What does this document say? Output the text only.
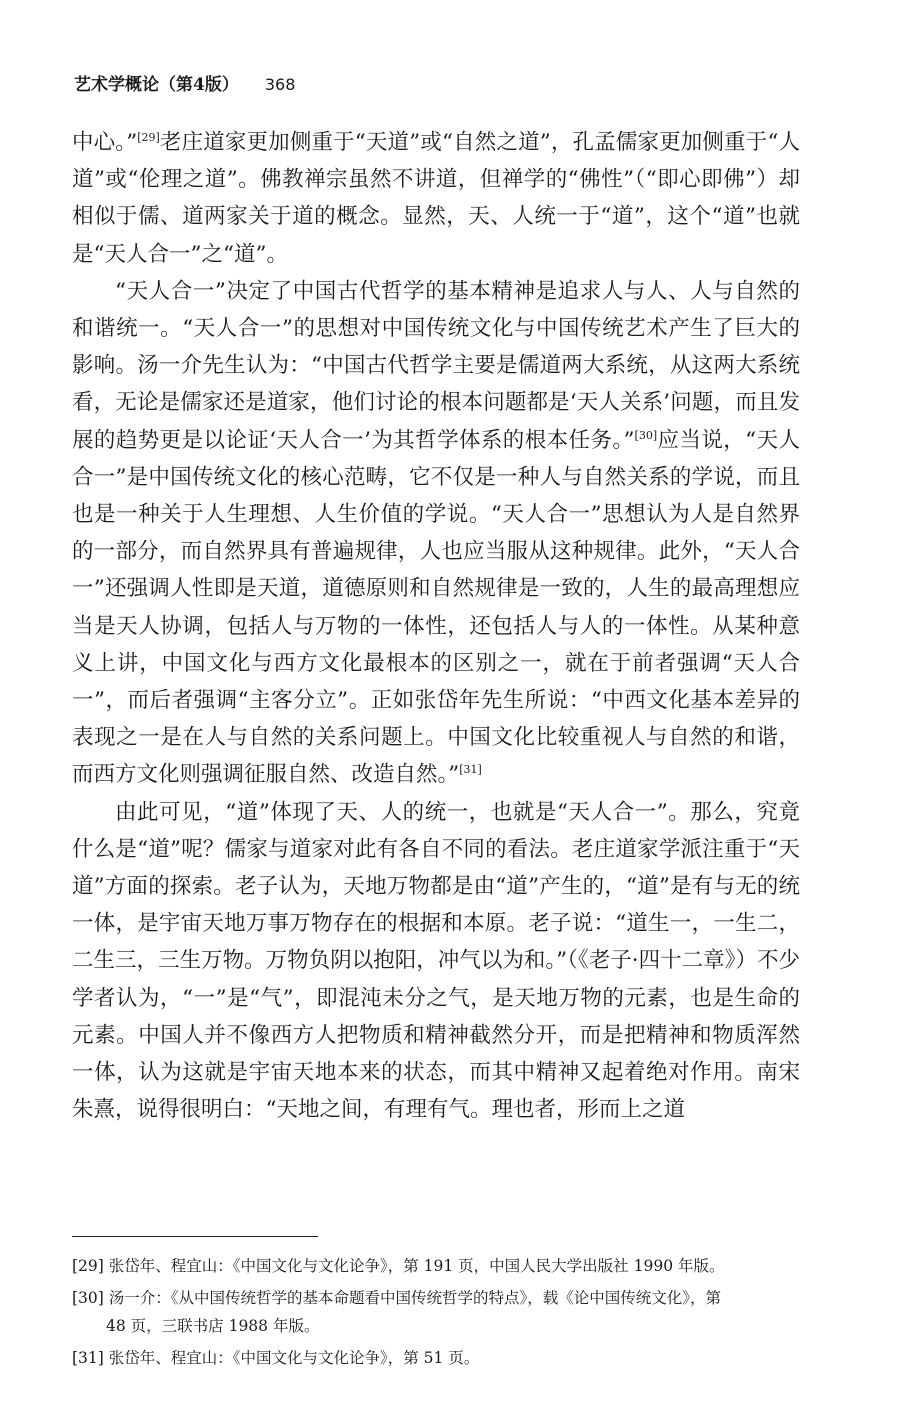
艺术学概论（第4版） 368

中心。”[29]老庄道家更加侧重于“天道”或“自然之道”，孔孟儒家更加侧重于“人道”或“伦理之道”。佛教禅宗虽然不讲道，但禅学的“佛性”（“即心即佛”）却相似于儒、道两家关于道的概念。显然，天、人统一于“道”，这个“道”也就是“天人合一”之“道”。

“天人合一”决定了中国古代哲学的基本精神是追求人与人、人与自然的和谐统一。“天人合一”的思想对中国传统文化与中国传统艺术产生了巨大的影响。汤一介先生认为：“中国古代哲学主要是儒道两大系统，从这两大系统看，无论是儒家还是道家，他们讨论的根本问题都是‘天人关系’问题，而且发展的趋势更是以论证‘天人合一’为其哲学体系的根本任务。”[30]应当说，“天人合一”是中国传统文化的核心范畴，它不仅是一种人与自然关系的学说，而且也是一种关于人生理想、人生价值的学说。“天人合一”思想认为人是自然界的一部分，而自然界具有普遍规律，人也应当服从这种规律。此外，“天人合一”还强调人性即是天道，道德原则和自然规律是一致的，人生的最高理想应当是天人协调，包括人与万物的一体性，还包括人与人的一体性。从某种意义上讲，中国文化与西方文化最根本的区别之一，就在于前者强调“天人合一”，而后者强调“主客分立”。正如张岱年先生所说：“中西文化基本差异的表现之一是在人与自然的关系问题上。中国文化比较重视人与自然的和谐，而西方文化则强调征服自然、改造自然。”[31]

由此可见，“道”体现了天、人的统一，也就是“天人合一”。那么，究竟什么是“道”呢？儒家与道家对此有各自不同的看法。老庄道家学派注重于“天道”方面的探索。老子认为，天地万物都是由“道”产生的，“道”是有与无的统一体，是宇宙天地万事万物存在的根据和本原。老子说：“道生一，一生二，二生三，三生万物。万物负阴以抱阳，冲气以为和。”（《老子·四十二章》）不少学者认为，“一”是“气”，即混沌未分之气，是天地万物的元素，也是生命的元素。中国人并不像西方人把物质和精神截然分开，而是把精神和物质浑然一体，认为这就是宇宙天地本来的状态，而其中精神又起着绝对作用。南宋朱熹，说得很明白：“天地之间，有理有气。理也者，形而上之道

[29] 张岱年、程宜山：《中国文化与文化论争》，第 191 页，中国人民大学出版社 1990 年版。

[30] 汤一介：《从中国传统哲学的基本命题看中国传统哲学的特点》，载《论中国传统文化》，第
48 页，三联书店 1988 年版。

[31] 张岱年、程宜山：《中国文化与文化论争》，第 51 页。
